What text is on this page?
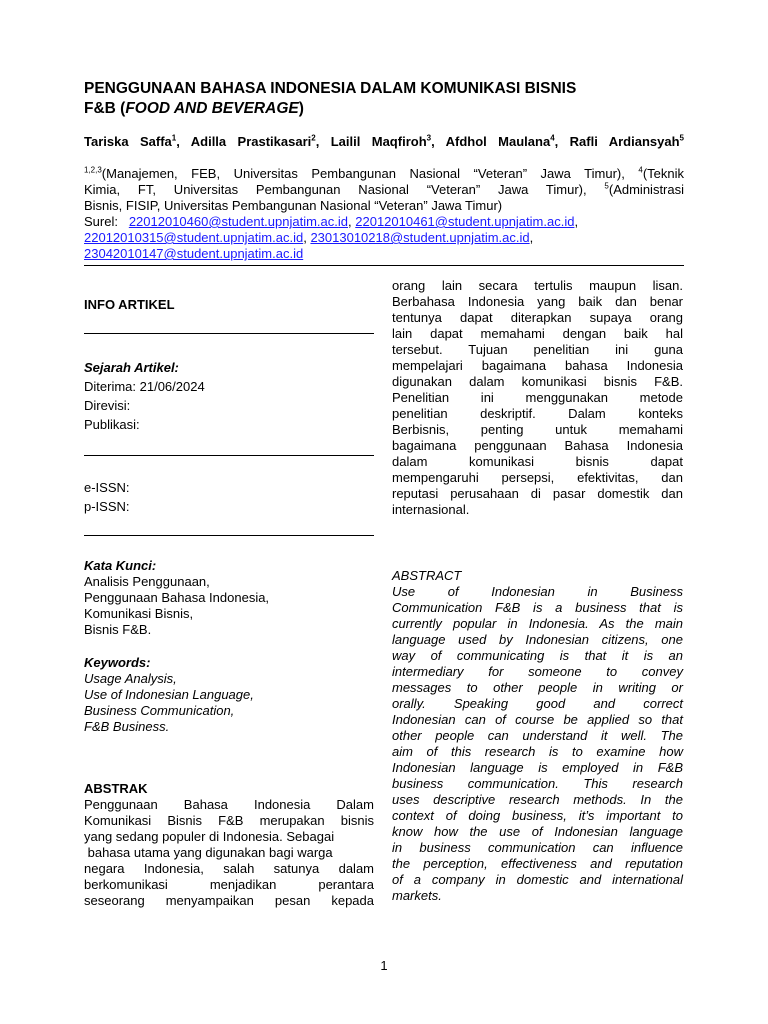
PENGGUNAAN BAHASA INDONESIA DALAM KOMUNIKASI BISNIS
F&B (FOOD AND BEVERAGE)
Tariska Saffa$^1$, Adilla Prastikasari$^2$, Lailil Maqfiroh$^3$, Afdhol Maulana$^4$, Rafli Ardiansyah$^5$
$^{1,2,3}$(Manajemen, FEB, Universitas Pembangunan Nasional “Veteran” Jawa Timur), $^4$(Teknik
Kimia, FT, Universitas Pembangunan Nasional “Veteran” Jawa Timur), $^5$(Administrasi
Bisnis, FISIP, Universitas Pembangunan Nasional “Veteran” Jawa Timur)
Surel: 22012010460@student.upnjatim.ac.id, 22012010461@student.upnjatim.ac.id,
22012010315@student.upnjatim.ac.id, 23013010218@student.upnjatim.ac.id,
23042010147@student.upnjatim.ac.id
INFO ARTIKEL
Sejarah Artikel:
Diterima: 21/06/2024
Direvisi:
Publikasi:
e-ISSN:
p-ISSN:
Kata Kunci:
Analisis Penggunaan,
Penggunaan Bahasa Indonesia,
Komunikasi Bisnis,
Bisnis F&B.
Keywords:
Usage Analysis,
Use of Indonesian Language,
Business Communication,
F&B Business.
ABSTRAK
Penggunaan Bahasa Indonesia Dalam
Komunikasi Bisnis F&B merupakan bisnis
yang sedang populer di Indonesia. Sebagai
bahasa utama yang digunakan bagi warga
negara Indonesia, salah satunya dalam
berkomunikasi menjadikan perantara
seseorang menyampaikan pesan kepada
orang lain secara tertulis maupun lisan.
Berbahasa Indonesia yang baik dan benar
tentunya dapat diterapkan supaya orang
lain dapat memahami dengan baik hal
tersebut. Tujuan penelitian ini guna
mempelajari bagaimana bahasa Indonesia
digunakan dalam komunikasi bisnis F&B.
Penelitian ini menggunakan metode
penelitian deskriptif. Dalam konteks
Berbisnis, penting untuk memahami
bagaimana penggunaan Bahasa Indonesia
dalam komunikasi bisnis dapat
mempengaruhi persepsi, efektivitas, dan
reputasi perusahaan di pasar domestik dan
internasional.
ABSTRACT
Use of Indonesian in Business
Communication F&B is a business that is
currently popular in Indonesia. As the main
language used by Indonesian citizens, one
way of communicating is that it is an
intermediary for someone to convey
messages to other people in writing or
orally. Speaking good and correct
Indonesian can of course be applied so that
other people can understand it well. The
aim of this research is to examine how
Indonesian language is employed in F&B
business communication. This research
uses descriptive research methods. In the
context of doing business, it’s important to
know how the use of Indonesian language
in business communication can influence
the perception, effectiveness and reputation
of a company in domestic and international
markets.
1
